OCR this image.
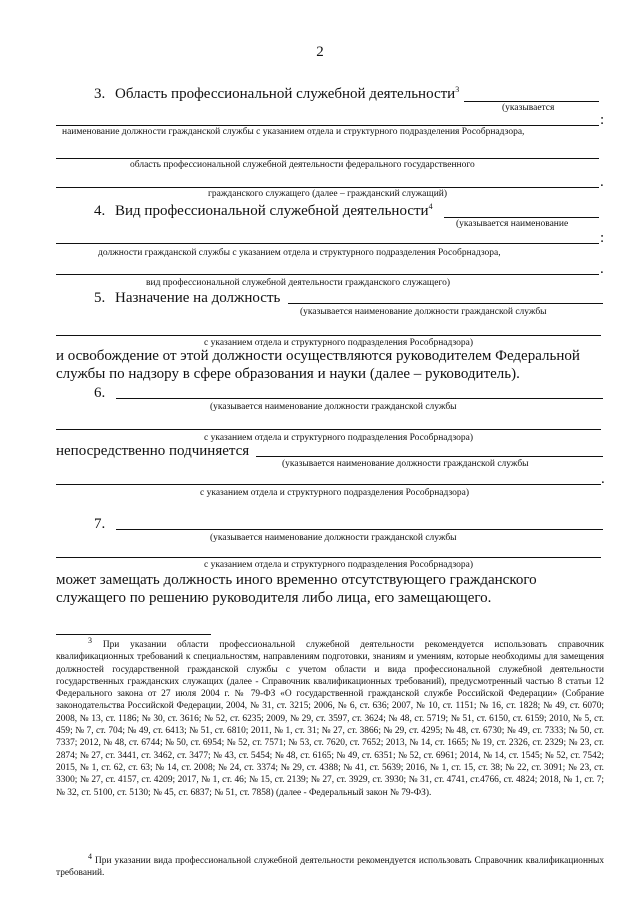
2
3. Область профессиональной служебной деятельности$^3$
(указывается
:
наименование должности гражданской службы с указанием отдела и структурного подразделения Рособрнадзора,
область профессиональной служебной деятельности федерального государственного
.
гражданского служащего (далее – гражданский служащий)
4. Вид профессиональной служебной деятельности$^4$
(указывается наименование
:
должности гражданской службы с указанием отдела и структурного подразделения Рособрнадзора,
.
вид профессиональной служебной деятельности гражданского служащего)
5. Назначение на должность
(указывается наименование должности гражданской службы
с указанием отдела и структурного подразделения Рособрнадзора)
и освобождение от этой должности осуществляются руководителем Федеральной
службы по надзору в сфере образования и науки (далее – руководитель).
6.
(указывается наименование должности гражданской службы
с указанием отдела и структурного подразделения Рособрнадзора)
непосредственно подчиняется
(указывается наименование должности гражданской службы
.
с указанием отдела и структурного подразделения Рособрнадзора)
7.
(указывается наименование должности гражданской службы
с указанием отдела и структурного подразделения Рособрнадзора)
может замещать должность иного временно отсутствующего гражданского
служащего по решению руководителя либо лица, его замещающего.
3 При указании области профессиональной служебной деятельности рекомендуется использовать справочник квалификационных требований к специальностям, направлениям подготовки, знаниям и умениям, которые необходимы для замещения должностей государственной гражданской службы с учетом области и вида профессиональной служебной деятельности государственных гражданских служащих (далее - Справочник квалификационных требований), предусмотренный частью 8 статьи 12 Федерального закона от 27 июля 2004 г. № 79-ФЗ «О государственной гражданской службе Российской Федерации» (Собрание законодательства Российской Федерации, 2004, № 31, ст. 3215; 2006, № 6, ст. 636; 2007, № 10, ст. 1151; № 16, ст. 1828; № 49, ст. 6070; 2008, № 13, ст. 1186; № 30, ст. 3616; № 52, ст. 6235; 2009, № 29, ст. 3597, ст. 3624; № 48, ст. 5719; № 51, ст. 6150, ст. 6159; 2010, № 5, ст. 459; № 7, ст. 704; № 49, ст. 6413; № 51, ст. 6810; 2011, № 1, ст. 31; № 27, ст. 3866; № 29, ст. 4295; № 48, ст. 6730; № 49, ст. 7333; № 50, ст. 7337; 2012, № 48, ст. 6744; № 50, ст. 6954; № 52, ст. 7571; № 53, ст. 7620, ст. 7652; 2013, № 14, ст. 1665; № 19, ст. 2326, ст. 2329; № 23, ст. 2874; № 27, ст. 3441, ст. 3462, ст. 3477; № 43, ст. 5454; № 48, ст. 6165; № 49, ст. 6351; № 52, ст. 6961; 2014, № 14, ст. 1545; № 52, ст. 7542; 2015, № 1, ст. 62, ст. 63; № 14, ст. 2008; № 24, ст. 3374; № 29, ст. 4388; № 41, ст. 5639; 2016, № 1, ст. 15, ст. 38; № 22, ст. 3091; № 23, ст. 3300; № 27, ст. 4157, ст. 4209; 2017, № 1, ст. 46; № 15, ст. 2139; № 27, ст. 3929, ст. 3930; № 31, ст. 4741, ст.4766, ст. 4824; 2018, № 1, ст. 7; № 32, ст. 5100, ст. 5130; № 45, ст. 6837; № 51, ст. 7858) (далее - Федеральный закон № 79-ФЗ).
4 При указании вида профессиональной служебной деятельности рекомендуется использовать Справочник квалификационных требований.
